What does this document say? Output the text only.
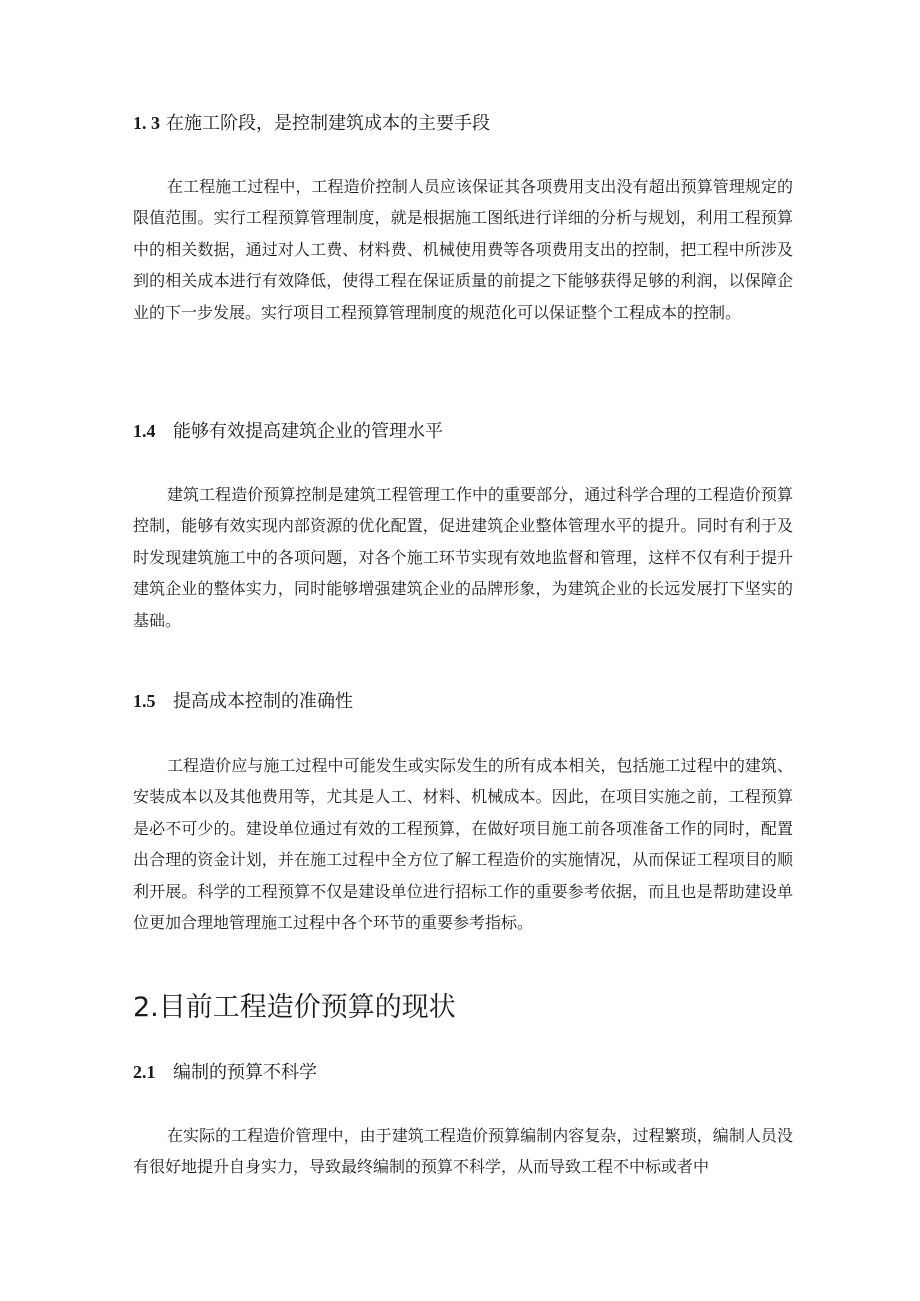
1. 3 在施工阶段，是控制建筑成本的主要手段
在工程施工过程中，工程造价控制人员应该保证其各项费用支出没有超出预算管理规定的限值范围。实行工程预算管理制度，就是根据施工图纸进行详细的分析与规划，利用工程预算中的相关数据，通过对人工费、材料费、机械使用费等各项费用支出的控制，把工程中所涉及到的相关成本进行有效降低，使得工程在保证质量的前提之下能够获得足够的利润，以保障企业的下一步发展。实行项目工程预算管理制度的规范化可以保证整个工程成本的控制。
1.4 能够有效提高建筑企业的管理水平
建筑工程造价预算控制是建筑工程管理工作中的重要部分，通过科学合理的工程造价预算控制，能够有效实现内部资源的优化配置，促进建筑企业整体管理水平的提升。同时有利于及时发现建筑施工中的各项问题，对各个施工环节实现有效地监督和管理，这样不仅有利于提升建筑企业的整体实力，同时能够增强建筑企业的品牌形象，为建筑企业的长远发展打下坚实的基础。
1.5 提高成本控制的准确性
工程造价应与施工过程中可能发生或实际发生的所有成本相关，包括施工过程中的建筑、安装成本以及其他费用等，尤其是人工、材料、机械成本。因此，在项目实施之前，工程预算是必不可少的。建设单位通过有效的工程预算，在做好项目施工前各项准备工作的同时，配置出合理的资金计划，并在施工过程中全方位了解工程造价的实施情况，从而保证工程项目的顺利开展。科学的工程预算不仅是建设单位进行招标工作的重要参考依据，而且也是帮助建设单位更加合理地管理施工过程中各个环节的重要参考指标。
2.目前工程造价预算的现状
2.1 编制的预算不科学
在实际的工程造价管理中，由于建筑工程造价预算编制内容复杂，过程繁琐，编制人员没有很好地提升自身实力，导致最终编制的预算不科学，从而导致工程不中标或者中
